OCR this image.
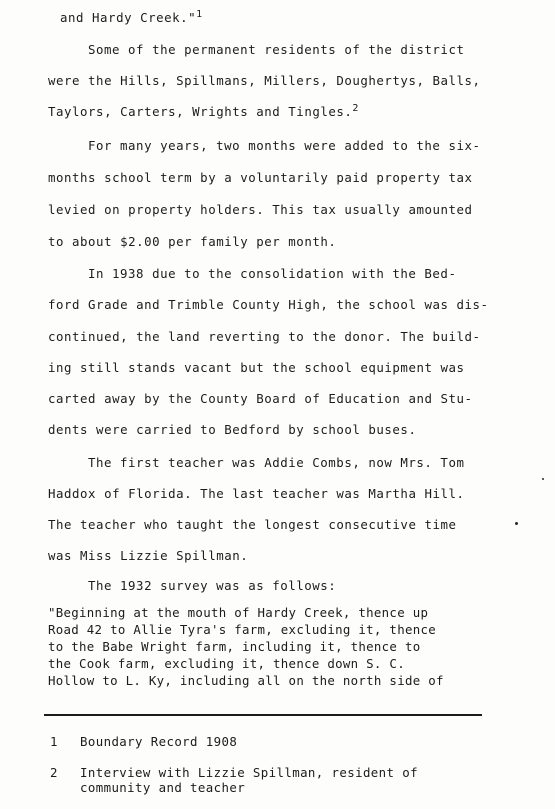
and Hardy Creek."$^1$
Some of the permanent residents of the district
were the Hills, Spillmans, Millers, Doughertys, Balls,
Taylors, Carters, Wrights and Tingles.$^2$
For many years, two months were added to the six-
months school term by a voluntarily paid property tax
levied on property holders. This tax usually amounted
to about $2.00 per family per month.
In 1938 due to the consolidation with the Bed-
ford Grade and Trimble County High, the school was dis-
continued, the land reverting to the donor. The build-
ing still stands vacant but the school equipment was
carted away by the County Board of Education and Stu-
dents were carried to Bedford by school buses.
The first teacher was Addie Combs, now Mrs. Tom
Haddox of Florida. The last teacher was Martha Hill.
The teacher who taught the longest consecutive time
was Miss Lizzie Spillman.
The 1932 survey was as follows:
"Beginning at the mouth of Hardy Creek, thence up
Road 42 to Allie Tyra's farm, excluding it, thence
to the Babe Wright farm, including it, thence to
the Cook farm, excluding it, thence down S. C.
Hollow to L. Ky, including all on the north side of
1 Boundary Record 1908
2 Interview with Lizzie Spillman, resident of
community and teacher
